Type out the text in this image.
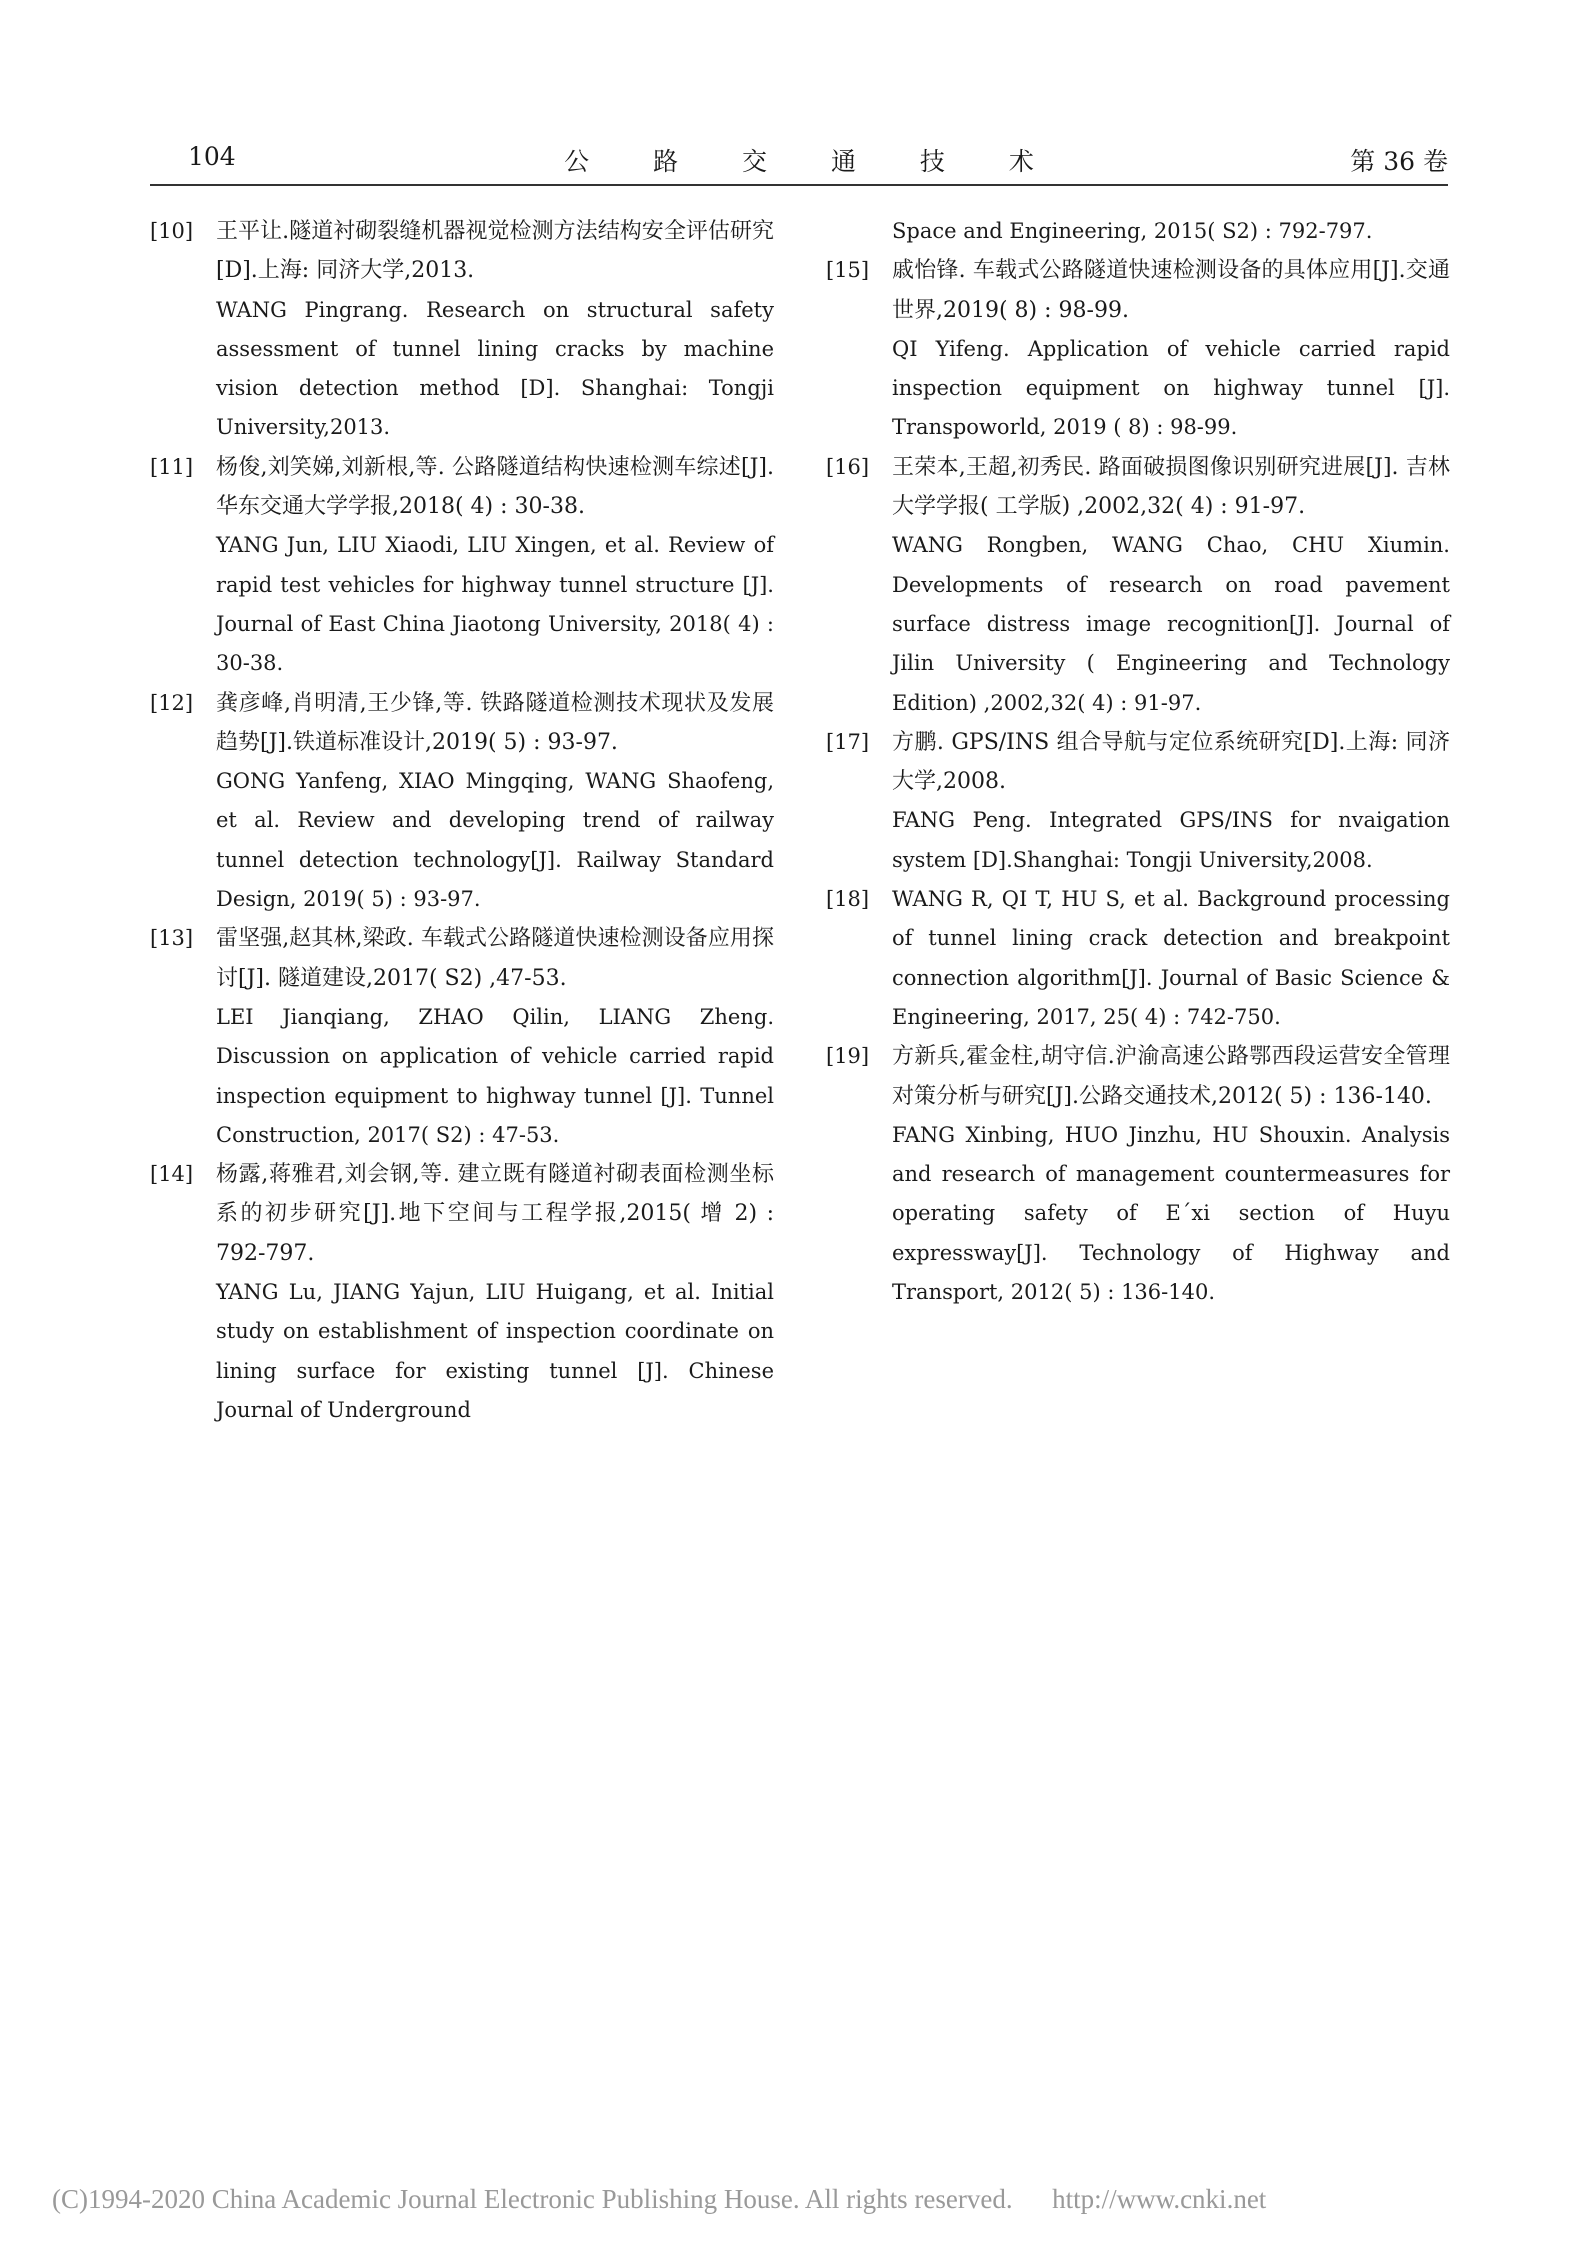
104	公 路 交 通 技 术	第 36 卷
[10] 王平让.隧道衬砌裂缝机器视觉检测方法结构安全评估研究[D].上海: 同济大学,2013.

WANG Pingrang. Research on structural safety assessment of tunnel lining cracks by machine vision detection method [D]. Shanghai: Tongji University,2013.

[11] 杨俊,刘笑娣,刘新根,等. 公路隧道结构快速检测车综述[J].华东交通大学学报,2018( 4) : 30-38.

YANG Jun, LIU Xiaodi, LIU Xingen, et al. Review of rapid test vehicles for highway tunnel structure [J]. Journal of East China Jiaotong University, 2018( 4) : 30-38.

[12] 龚彦峰,肖明清,王少锋,等. 铁路隧道检测技术现状及发展趋势[J].铁道标准设计,2019( 5) : 93-97.

GONG Yanfeng, XIAO Mingqing, WANG Shaofeng, et al. Review and developing trend of railway tunnel detection technology[J]. Railway Standard Design, 2019( 5) : 93-97.

[13] 雷坚强,赵其林,梁政. 车载式公路隧道快速检测设备应用探讨[J]. 隧道建设,2017( S2) ,47-53.

LEI Jianqiang, ZHAO Qilin, LIANG Zheng. Discussion on application of vehicle carried rapid inspection equipment to highway tunnel [J]. Tunnel Construction, 2017( S2) : 47-53.

[14] 杨露,蒋雅君,刘会钢,等. 建立既有隧道衬砌表面检测坐标系的初步研究[J].地下空间与工程学报,2015( 增 2) : 792-797.

YANG Lu, JIANG Yajun, LIU Huigang, et al. Initial study on establishment of inspection coordinate on lining surface for existing tunnel [J]. Chinese Journal of Underground

Space and Engineering, 2015( S2) : 792-797.

[15] 戚怡锋. 车载式公路隧道快速检测设备的具体应用[J].交通世界,2019( 8) : 98-99.

QI Yifeng. Application of vehicle carried rapid inspection equipment on highway tunnel [J]. Transpoworld, 2019 ( 8) : 98-99.

[16] 王荣本,王超,初秀民. 路面破损图像识别研究进展[J]. 吉林大学学报( 工学版) ,2002,32( 4) : 91-97.

WANG Rongben, WANG Chao, CHU Xiumin. Developments of research on road pavement surface distress image recognition[J]. Journal of Jilin University ( Engineering and Technology Edition) ,2002,32( 4) : 91-97.

[17] 方鹏. GPS/INS 组合导航与定位系统研究[D].上海: 同济大学,2008.

FANG Peng. Integrated GPS/INS for nvaigation system [D].Shanghai: Tongji University,2008.

[18] WANG R, QI T, HU S, et al. Background processing of tunnel lining crack detection and breakpoint connection algorithm[J]. Journal of Basic Science & Engineering, 2017, 25( 4) : 742-750.

[19] 方新兵,霍金柱,胡守信.沪渝高速公路鄂西段运营安全管理对策分析与研究[J].公路交通技术,2012( 5) : 136-140.

FANG Xinbing, HUO Jinzhu, HU Shouxin. Analysis and research of management countermeasures for operating safety of E´xi section of Huyu expressway[J]. Technology of Highway and Transport, 2012( 5) : 136-140.

(C)1994-2020 China Academic Journal Electronic Publishing House. All rights reserved. http://www.cnki.net
